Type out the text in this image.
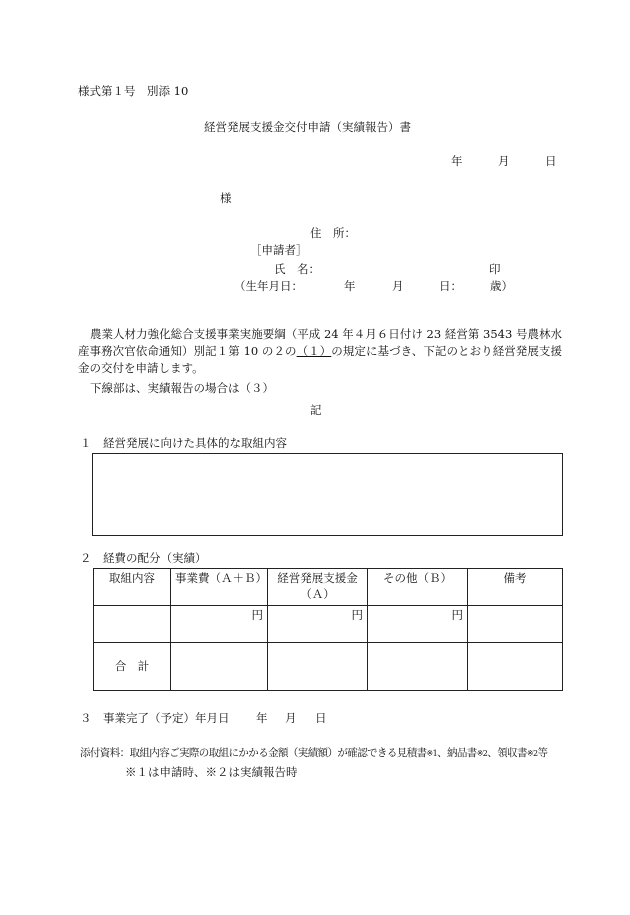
様式第１号　別添 10
経営発展支援金交付申請（実績報告）書
年	月	日
様
住　所：
［申請者］
氏　名：	印
（生年月日：	年	月	日： 歳）
農業人材力強化総合支援事業実施要綱（平成 24 年４月６日付け 23 経営第 3543 号農林水産事務次官依命通知）別記１第 10 の２の（１）の規定に基づき、下記のとおり経営発展支援金の交付を申請します。
下線部は、実績報告の場合は（３）
記
１　経営発展に向けた具体的な取組内容
２　経費の配分（実績）
取組内容	事業費（Ａ＋Ｂ）	経営発展支援金（Ａ）	その他（Ｂ）	備考
	円	円	円	
合　計				
３　事業完了（予定）年月日 年 月 日
添付資料：取組内容ご実際の取組にかかる金額（実績額）が確認できる見積書※1、納品書※2、領収書※2等
※１は申請時、※２は実績報告時
